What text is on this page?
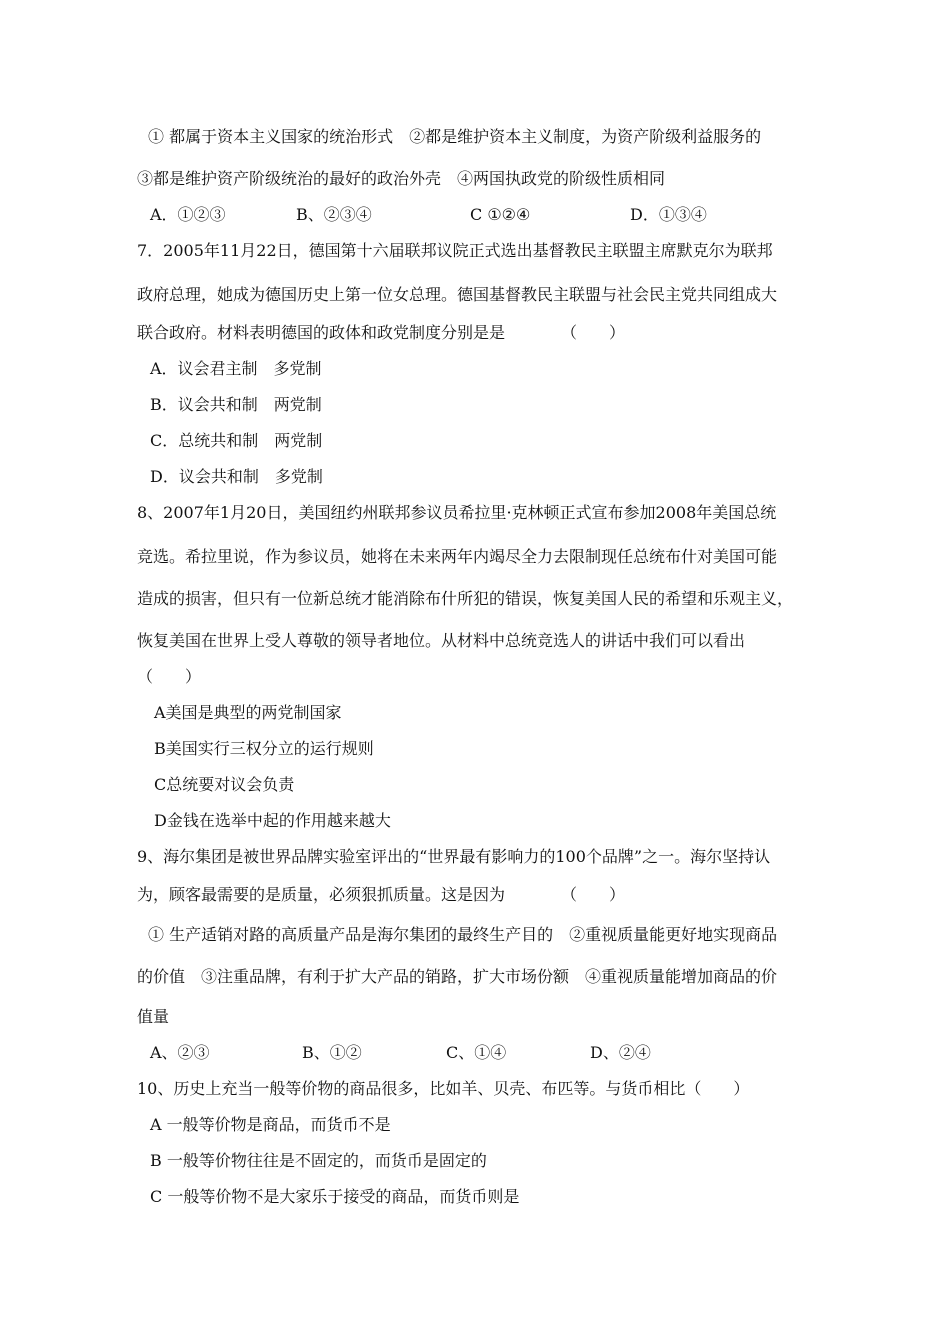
① 都属于资本主义国家的统治形式　②都是维护资本主义制度，为资产阶级利益服务的
③都是维护资产阶级统治的最好的政治外壳　④两国执政党的阶级性质相同
A．①②③	B、②③④	C ①②④	D．①③④
7．2005年11月22日，德国第十六届联邦议院正式选出基督教民主联盟主席默克尔为联邦
政府总理，她成为德国历史上第一位女总理。德国基督教民主联盟与社会民主党共同组成大
联合政府。材料表明德国的政体和政党制度分别是是　　　　（　　）
A．议会君主制　多党制
B．议会共和制　两党制
C．总统共和制　两党制
D．议会共和制　多党制
8、2007年1月20日，美国纽约州联邦参议员希拉里·克林顿正式宣布参加2008年美国总统
竞选。希拉里说，作为参议员，她将在未来两年内竭尽全力去限制现任总统布什对美国可能
造成的损害，但只有一位新总统才能消除布什所犯的错误，恢复美国人民的希望和乐观主义，
恢复美国在世界上受人尊敬的领导者地位。从材料中总统竞选人的讲话中我们可以看出
（　　）
A美国是典型的两党制国家
B美国实行三权分立的运行规则
C总统要对议会负责
D金钱在选举中起的作用越来越大
9、海尔集团是被世界品牌实验室评出的“世界最有影响力的100个品牌”之一。海尔坚持认
为，顾客最需要的是质量，必须狠抓质量。这是因为　　　　（　　）
① 生产适销对路的高质量产品是海尔集团的最终生产目的　②重视质量能更好地实现商品
的价值　③注重品牌，有利于扩大产品的销路，扩大市场份额　④重视质量能增加商品的价
值量
A、②③	B、①②	C、①④	D、②④
10、历史上充当一般等价物的商品很多，比如羊、贝壳、布匹等。与货币相比（　　）
A 一般等价物是商品，而货币不是
B 一般等价物往往是不固定的，而货币是固定的
C 一般等价物不是大家乐于接受的商品，而货币则是
